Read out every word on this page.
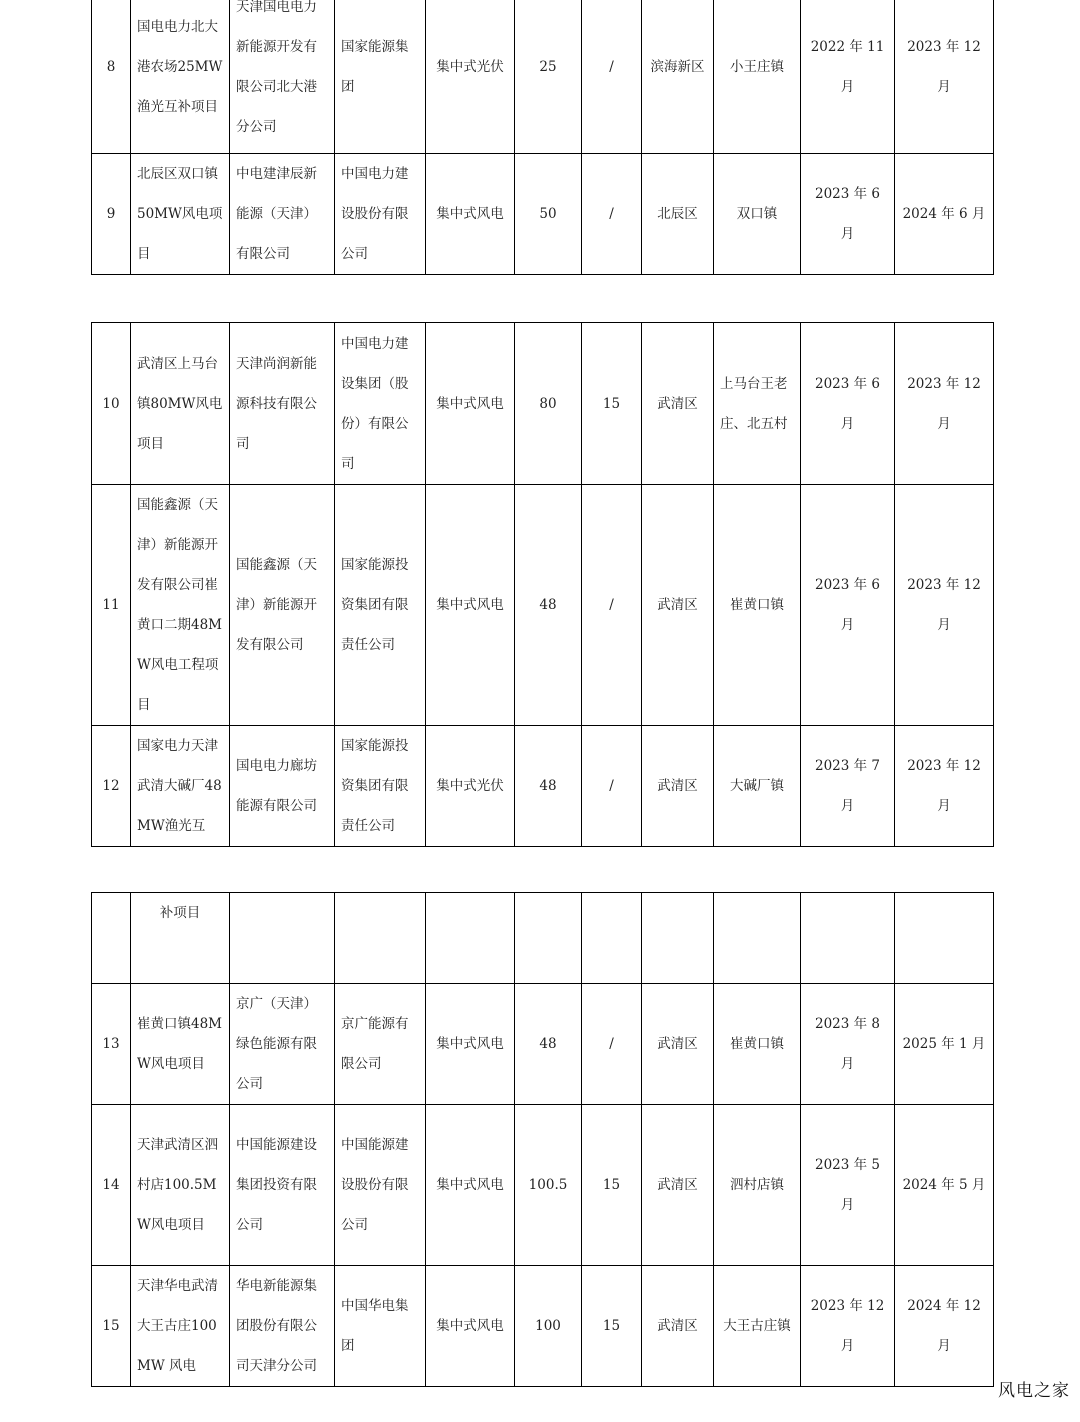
8	国电电力北大港农场25MW渔光互补项目	天津国电电力新能源开发有限公司北大港分公司	国家能源集团	集中式光伏	25	/	滨海新区	小王庄镇	2022 年 11 月	2023 年 12 月
9	北辰区双口镇50MW风电项目	中电建津辰新能源（天津）有限公司	中国电力建设股份有限公司	集中式风电	50	/	北辰区	双口镇	2023 年 6 月	2024 年 6 月
10	武清区上马台镇80MW风电项目	天津尚润新能源科技有限公司	中国电力建设集团（股份）有限公司	集中式风电	80	15	武清区	上马台王老庄、北五村	2023 年 6 月	2023 年 12 月
11	国能鑫源（天津）新能源开发有限公司崔黄口二期48MW风电工程项目	国能鑫源（天津）新能源开发有限公司	国家能源投资集团有限责任公司	集中式风电	48	/	武清区	崔黄口镇	2023 年 6 月	2023 年 12 月
12	国家电力天津武清大碱厂48MW渔光互	国电电力廊坊能源有限公司	国家能源投资集团有限责任公司	集中式光伏	48	/	武清区	大碱厂镇	2023 年 7 月	2023 年 12 月
	补项目									
13	崔黄口镇48MW风电项目	京广（天津）绿色能源有限公司	京广能源有限公司	集中式风电	48	/	武清区	崔黄口镇	2023 年 8 月	2025 年 1 月
14	天津武清区泗村店100.5MW风电项目	中国能源建设集团投资有限公司	中国能源建设股份有限公司	集中式风电	100.5	15	武清区	泗村店镇	2023 年 5 月	2024 年 5 月
15	天津华电武清大王古庄100MW 风电	华电新能源集团股份有限公司天津分公司	中国华电集团	集中式风电	100	15	武清区	大王古庄镇	2023 年 12 月	2024 年 12 月
风电之家
